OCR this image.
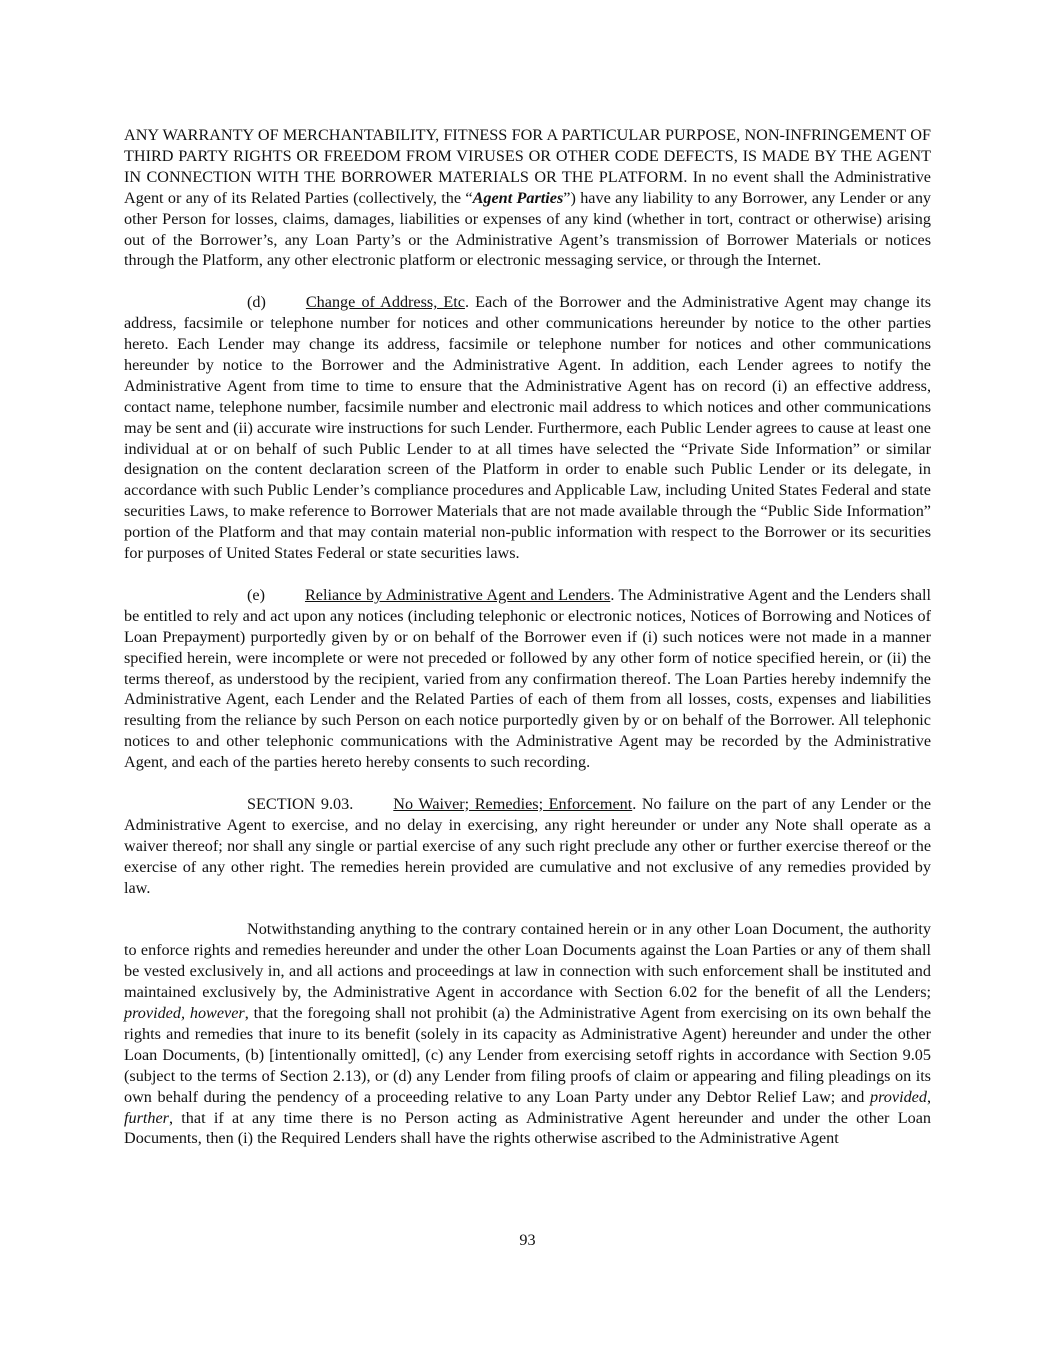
ANY WARRANTY OF MERCHANTABILITY, FITNESS FOR A PARTICULAR PURPOSE, NON-INFRINGEMENT OF THIRD PARTY RIGHTS OR FREEDOM FROM VIRUSES OR OTHER CODE DEFECTS, IS MADE BY THE AGENT IN CONNECTION WITH THE BORROWER MATERIALS OR THE PLATFORM. In no event shall the Administrative Agent or any of its Related Parties (collectively, the “Agent Parties”) have any liability to any Borrower, any Lender or any other Person for losses, claims, damages, liabilities or expenses of any kind (whether in tort, contract or otherwise) arising out of the Borrower’s, any Loan Party’s or the Administrative Agent’s transmission of Borrower Materials or notices through the Platform, any other electronic platform or electronic messaging service, or through the Internet.

(d) Change of Address, Etc. Each of the Borrower and the Administrative Agent may change its address, facsimile or telephone number for notices and other communications hereunder by notice to the other parties hereto. Each Lender may change its address, facsimile or telephone number for notices and other communications hereunder by notice to the Borrower and the Administrative Agent. In addition, each Lender agrees to notify the Administrative Agent from time to time to ensure that the Administrative Agent has on record (i) an effective address, contact name, telephone number, facsimile number and electronic mail address to which notices and other communications may be sent and (ii) accurate wire instructions for such Lender. Furthermore, each Public Lender agrees to cause at least one individual at or on behalf of such Public Lender to at all times have selected the “Private Side Information” or similar designation on the content declaration screen of the Platform in order to enable such Public Lender or its delegate, in accordance with such Public Lender’s compliance procedures and Applicable Law, including United States Federal and state securities Laws, to make reference to Borrower Materials that are not made available through the “Public Side Information” portion of the Platform and that may contain material non-public information with respect to the Borrower or its securities for purposes of United States Federal or state securities laws.

(e) Reliance by Administrative Agent and Lenders. The Administrative Agent and the Lenders shall be entitled to rely and act upon any notices (including telephonic or electronic notices, Notices of Borrowing and Notices of Loan Prepayment) purportedly given by or on behalf of the Borrower even if (i) such notices were not made in a manner specified herein, were incomplete or were not preceded or followed by any other form of notice specified herein, or (ii) the terms thereof, as understood by the recipient, varied from any confirmation thereof. The Loan Parties hereby indemnify the Administrative Agent, each Lender and the Related Parties of each of them from all losses, costs, expenses and liabilities resulting from the reliance by such Person on each notice purportedly given by or on behalf of the Borrower. All telephonic notices to and other telephonic communications with the Administrative Agent may be recorded by the Administrative Agent, and each of the parties hereto hereby consents to such recording.

SECTION 9.03. No Waiver; Remedies; Enforcement. No failure on the part of any Lender or the Administrative Agent to exercise, and no delay in exercising, any right hereunder or under any Note shall operate as a waiver thereof; nor shall any single or partial exercise of any such right preclude any other or further exercise thereof or the exercise of any other right. The remedies herein provided are cumulative and not exclusive of any remedies provided by law.

Notwithstanding anything to the contrary contained herein or in any other Loan Document, the authority to enforce rights and remedies hereunder and under the other Loan Documents against the Loan Parties or any of them shall be vested exclusively in, and all actions and proceedings at law in connection with such enforcement shall be instituted and maintained exclusively by, the Administrative Agent in accordance with Section 6.02 for the benefit of all the Lenders; provided, however, that the foregoing shall not prohibit (a) the Administrative Agent from exercising on its own behalf the rights and remedies that inure to its benefit (solely in its capacity as Administrative Agent) hereunder and under the other Loan Documents, (b) [intentionally omitted], (c) any Lender from exercising setoff rights in accordance with Section 9.05 (subject to the terms of Section 2.13), or (d) any Lender from filing proofs of claim or appearing and filing pleadings on its own behalf during the pendency of a proceeding relative to any Loan Party under any Debtor Relief Law; and provided, further, that if at any time there is no Person acting as Administrative Agent hereunder and under the other Loan Documents, then (i) the Required Lenders shall have the rights otherwise ascribed to the Administrative Agent

93
